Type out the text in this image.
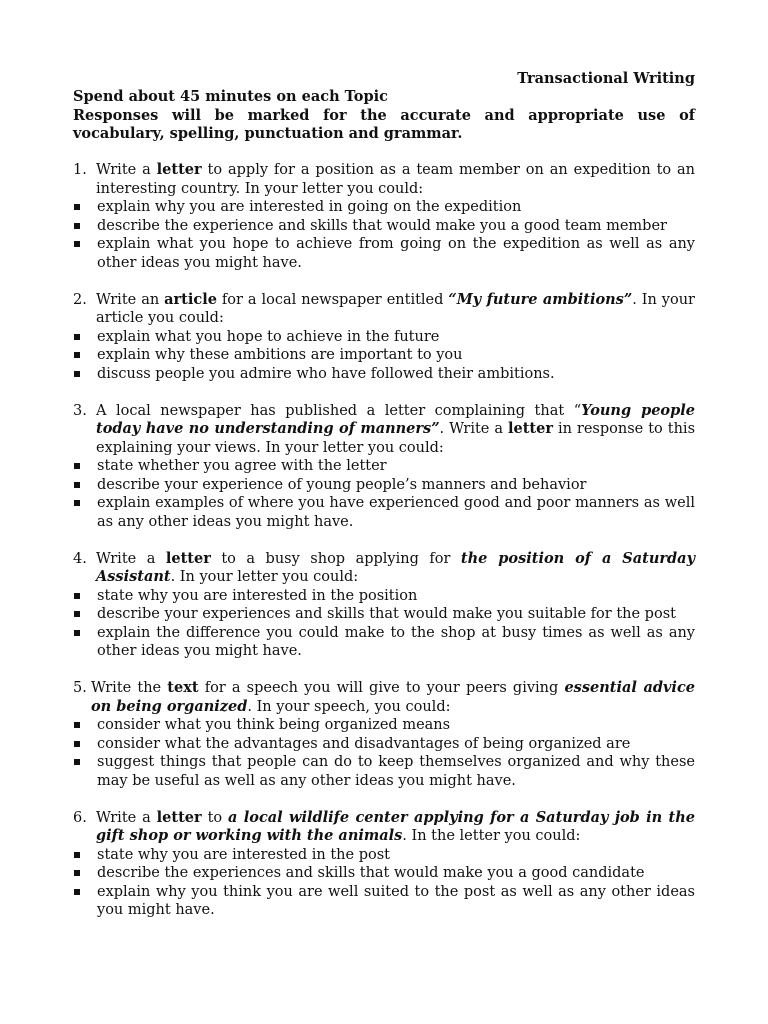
Transactional Writing
Spend about 45 minutes on each Topic
Responses will be marked for the accurate and appropriate use of vocabulary, spelling, punctuation and grammar.
1. Write a letter to apply for a position as a team member on an expedition to an interesting country. In your letter you could:
explain why you are interested in going on the expedition
describe the experience and skills that would make you a good team member
explain what you hope to achieve from going on the expedition as well as any other ideas you might have.
2. Write an article for a local newspaper entitled “My future ambitions”. In your article you could:
explain what you hope to achieve in the future
explain why these ambitions are important to you
discuss people you admire who have followed their ambitions.
3. A local newspaper has published a letter complaining that “Young people today have no understanding of manners”. Write a letter in response to this explaining your views. In your letter you could:
state whether you agree with the letter
describe your experience of young people’s manners and behavior
explain examples of where you have experienced good and poor manners as well as any other ideas you might have.
4. Write a letter to a busy shop applying for the position of a Saturday Assistant. In your letter you could:
state why you are interested in the position
describe your experiences and skills that would make you suitable for the post
explain the difference you could make to the shop at busy times as well as any other ideas you might have.
5. Write the text for a speech you will give to your peers giving essential advice on being organized. In your speech, you could:
consider what you think being organized means
consider what the advantages and disadvantages of being organized are
suggest things that people can do to keep themselves organized and why these may be useful as well as any other ideas you might have.
6. Write a letter to a local wildlife center applying for a Saturday job in the gift shop or working with the animals. In the letter you could:
state why you are interested in the post
describe the experiences and skills that would make you a good candidate
explain why you think you are well suited to the post as well as any other ideas you might have.
